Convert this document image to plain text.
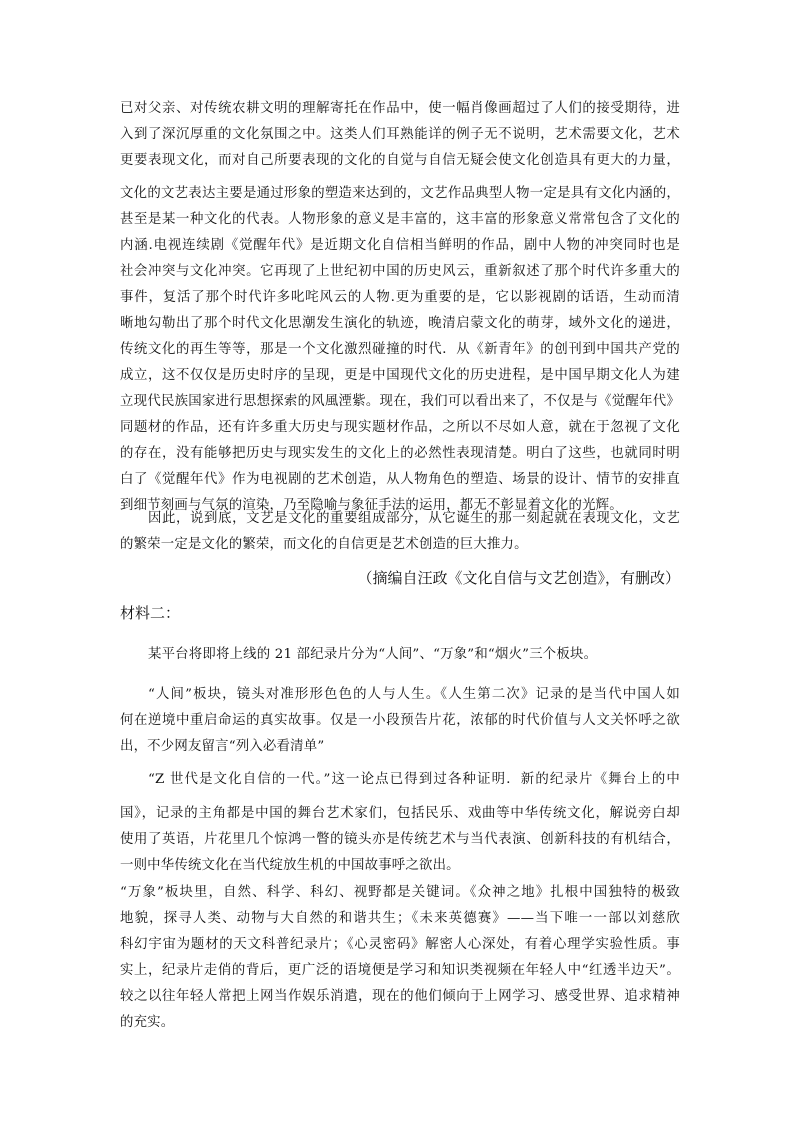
已对父亲、对传统农耕文明的理解寄托在作品中，使一幅肖像画超过了人们的接受期待，进
入到了深沉厚重的文化氛围之中。这类人们耳熟能详的例子无不说明，艺术需要文化，艺术
更要表现文化，而对自己所要表现的文化的自觉与自信无疑会使文化创造具有更大的力量，
文化的文艺表达主要是通过形象的塑造来达到的，文艺作品典型人物一定是具有文化内涵的，
甚至是某一种文化的代表。人物形象的意义是丰富的，这丰富的形象意义常常包含了文化的
内涵.电视连续剧《觉醒年代》是近期文化自信相当鲜明的作品，剧中人物的冲突同时也是
社会冲突与文化冲突。它再现了上世纪初中国的历史风云，重新叙述了那个时代许多重大的
事件，复活了那个时代许多叱咤风云的人物.更为重要的是，它以影视剧的话语，生动而清
晰地勾勒出了那个时代文化思潮发生演化的轨迹，晚清启蒙文化的萌芽，域外文化的递进，
传统文化的再生等等，那是一个文化激烈碰撞的时代．从《新青年》的创刊到中国共产党的
成立，这不仅仅是历史时序的呈现，更是中国现代文化的历史进程，是中国早期文化人为建
立现代民族国家进行思想探索的风風湮紫。现在，我们可以看出来了，不仅是与《觉醒年代》
同题材的作品，还有许多重大历史与现实题材作品，之所以不尽如人意，就在于忽视了文化
的存在，没有能够把历史与现实发生的文化上的必然性表现清楚。明白了这些，也就同时明
白了《觉醒年代》作为电视剧的艺术创造，从人物角色的塑造、场景的设计、情节的安排直
到细节刻画与气氛的渲染，乃至隐喻与象征手法的运用，都无不彰显着文化的光辉。
因此，说到底，文艺是文化的重要组成部分，从它诞生的那一刻起就在表现文化，文艺
的繁荣一定是文化的繁荣，而文化的自信更是艺术创造的巨大推力。
（摘编自汪政《文化自信与文艺创造》，有删改）
材料二：
某平台将即将上线的 21 部纪录片分为“人间”、“万象”和“烟火”三个板块。
“人间”板块，镜头对准形形色色的人与人生。《人生第二次》记录的是当代中国人如
何在逆境中重启命运的真实故事。仅是一小段预告片花，浓郁的时代价值与人文关怀呼之欲
出，不少网友留言“列入必看清单”
“Z 世代是文化自信的一代。”这一论点已得到过各种证明．新的纪录片《舞台上的中
国》，记录的主角都是中国的舞台艺术家们，包括民乐、戏曲等中华传统文化，解说旁白却
使用了英语，片花里几个惊鸿一瞥的镜头亦是传统艺术与当代表演、创新科技的有机结合，
一则中华传统文化在当代绽放生机的中国故事呼之欲出。
“万象”板块里，自然、科学、科幻、视野都是关键词。《众神之地》扎根中国独特的极致
地貌，探寻人类、动物与大自然的和谐共生；《未来英德赛》——当下唯一一部以刘慈欣
科幻宇宙为题材的天文科普纪录片；《心灵密码》解密人心深处，有着心理学实验性质。事
实上，纪录片走俏的背后，更广泛的语境便是学习和知识类视频在年轻人中“红透半边天”。
较之以往年轻人常把上网当作娱乐消遣，现在的他们倾向于上网学习、感受世界、追求精神
的充实。
